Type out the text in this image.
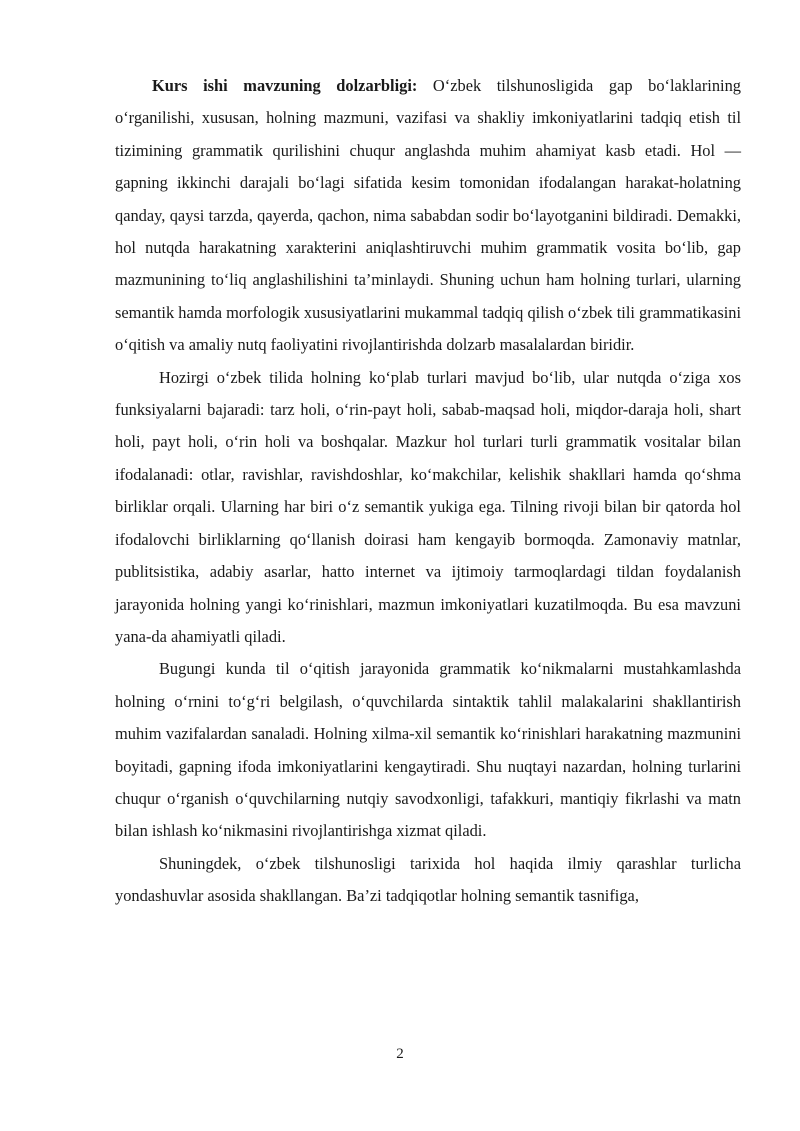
Kurs ishi mavzuning dolzarbligi: O‘zbek tilshunosligida gap bo‘laklarining o‘rganilishi, xususan, holning mazmuni, vazifasi va shakliy imkoniyatlarini tadqiq etish til tizimining grammatik qurilishini chuqur anglashda muhim ahamiyat kasb etadi. Hol — gapning ikkinchi darajali bo‘lagi sifatida kesim tomonidan ifodalangan harakat-holatning qanday, qaysi tarzda, qayerda, qachon, nima sababdan sodir bo‘layotganini bildiradi. Demakki, hol nutqda harakatning xarakterini aniqlashtiruvchi muhim grammatik vosita bo‘lib, gap mazmunining to‘liq anglashilishini ta’minlaydi. Shuning uchun ham holning turlari, ularning semantik hamda morfologik xususiyatlarini mukammal tadqiq qilish o‘zbek tili grammatikasini o‘qitish va amaliy nutq faoliyatini rivojlantirishda dolzarb masalalardan biridir.

Hozirgi o‘zbek tilida holning ko‘plab turlari mavjud bo‘lib, ular nutqda o‘ziga xos funksiyalarni bajaradi: tarz holi, o‘rin-payt holi, sabab-maqsad holi, miqdor-daraja holi, shart holi, payt holi, o‘rin holi va boshqalar. Mazkur hol turlari turli grammatik vositalar bilan ifodalanadi: otlar, ravishlar, ravishdoshlar, ko‘makchilar, kelishik shakllari hamda qo‘shma birliklar orqali. Ularning har biri o‘z semantik yukiga ega. Tilning rivoji bilan bir qatorda hol ifodalovchi birliklarning qo‘llanish doirasi ham kengayib bormoqda. Zamonaviy matnlar, publitsistika, adabiy asarlar, hatto internet va ijtimoiy tarmoqlardagi tildan foydalanish jarayonida holning yangi ko‘rinishlari, mazmun imkoniyatlari kuzatilmoqda. Bu esa mavzuni yana-da ahamiyatli qiladi.

Bugungi kunda til o‘qitish jarayonida grammatik ko‘nikmalarni mustahkamlashda holning o‘rnini to‘g‘ri belgilash, o‘quvchilarda sintaktik tahlil malakalarini shakllantirish muhim vazifalardan sanaladi. Holning xilma-xil semantik ko‘rinishlari harakatning mazmunini boyitadi, gapning ifoda imkoniyatlarini kengaytiradi. Shu nuqtayi nazardan, holning turlarini chuqur o‘rganish o‘quvchilarning nutqiy savodxonligi, tafakkuri, mantiqiy fikrlashi va matn bilan ishlash ko‘nikmasini rivojlantirishga xizmat qiladi.

Shuningdek, o‘zbek tilshunosligi tarixida hol haqida ilmiy qarashlar turlicha yondashuvlar asosida shakllangan. Ba’zi tadqiqotlar holning semantik tasnifiga,

2
